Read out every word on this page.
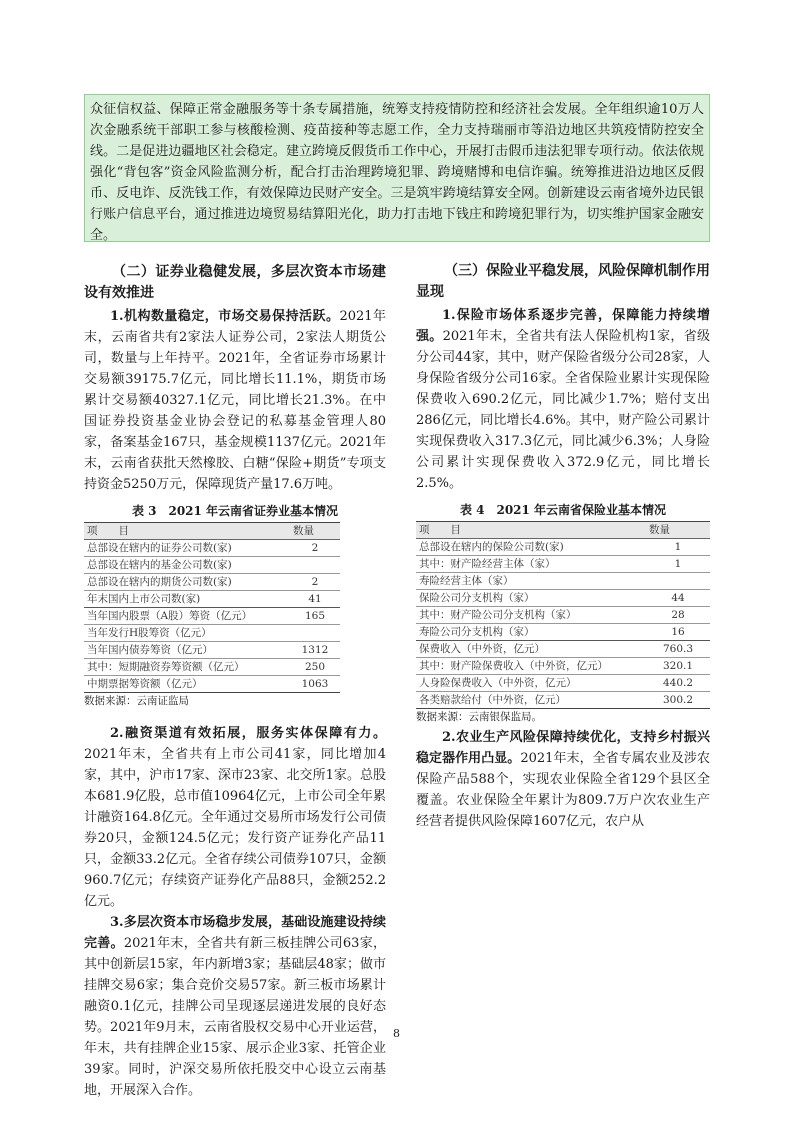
众征信权益、保障正常金融服务等十条专属措施，统筹支持疫情防控和经济社会发展。全年组织逾10万人次金融系统干部职工参与核酸检测、疫苗接种等志愿工作，全力支持瑞丽市等沿边地区共筑疫情防控安全线。二是促进边疆地区社会稳定。建立跨境反假货币工作中心，开展打击假币违法犯罪专项行动。依法依规强化“背包客”资金风险监测分析，配合打击治理跨境犯罪、跨境赌博和电信诈骗。统筹推进沿边地区反假币、反电诈、反洗钱工作，有效保障边民财产安全。三是筑牢跨境结算安全网。创新建设云南省境外边民银行账户信息平台，通过推进边境贸易结算阳光化，助力打击地下钱庄和跨境犯罪行为，切实维护国家金融安全。
（二）证券业稳健发展，多层次资本市场建设有效推进

1.机构数量稳定，市场交易保持活跃。2021年末，云南省共有2家法人证券公司，2家法人期货公司，数量与上年持平。2021年，全省证券市场累计交易额39175.7亿元，同比增长11.1%，期货市场累计交易额40327.1亿元，同比增长21.3%。在中国证券投资基金业协会登记的私募基金管理人80家，备案基金167只，基金规模1137亿元。2021年末，云南省获批天然橡胶、白糖“保险+期货”专项支持资金5250万元，保障现货产量17.6万吨。

表 3　2021 年云南省证券业基本情况
项　　目	数量
总部设在辖内的证券公司数(家)	2
总部设在辖内的基金公司数(家)	
总部设在辖内的期货公司数(家)	2
年末国内上市公司数(家)	41
当年国内股票（A股）筹资（亿元）	165
当年发行H股筹资（亿元）	
当年国内债券筹资（亿元）	1312
其中：短期融资券筹资额（亿元）	250
中期票据筹资额（亿元）	1063

数据来源：云南证监局

2.融资渠道有效拓展，服务实体保障有力。2021年末，全省共有上市公司41家，同比增加4家，其中，沪市17家、深市23家、北交所1家。总股本681.9亿股，总市值10964亿元，上市公司全年累计融资164.8亿元。全年通过交易所市场发行公司债券20只，金额124.5亿元；发行资产证券化产品11只，金额33.2亿元。全省存续公司债券107只，金额960.7亿元；存续资产证券化产品88只，金额252.2亿元。

3.多层次资本市场稳步发展，基础设施建设持续完善。2021年末，全省共有新三板挂牌公司63家，其中创新层15家，年内新增3家；基础层48家；做市挂牌交易6家；集合竞价交易57家。新三板市场累计融资0.1亿元，挂牌公司呈现逐层递进发展的良好态势。2021年9月末，云南省股权交易中心开业运营，年末，共有挂牌企业15家、展示企业3家、托管企业39家。同时，沪深交易所依托股交中心设立云南基地，开展深入合作。

（三）保险业平稳发展，风险保障机制作用显现

1.保险市场体系逐步完善，保障能力持续增强。2021年末，全省共有法人保险机构1家，省级分公司44家，其中，财产保险省级分公司28家，人身保险省级分公司16家。全省保险业累计实现保险保费收入690.2亿元，同比减少1.7%；赔付支出286亿元，同比增长4.6%。其中，财产险公司累计实现保费收入317.3亿元，同比减少6.3%；人身险公司累计实现保费收入372.9亿元，同比增长2.5%。

表 4　2021 年云南省保险业基本情况
项　　目	数量
总部设在辖内的保险公司数(家)	1
其中：财产险经营主体（家）	1
寿险经营主体（家）	
保险公司分支机构（家）	44
其中：财产险公司分支机构（家）	28
寿险公司分支机构（家）	16
保费收入（中外资，亿元）	760.3
其中：财产险保费收入（中外资，亿元）	320.1
人身险保费收入（中外资，亿元）	440.2
各类赔款给付（中外资，亿元）	300.2

数据来源：云南银保监局。

2.农业生产风险保障持续优化，支持乡村振兴稳定器作用凸显。2021年末，全省专属农业及涉农保险产品588个，实现农业保险全省129个县区全覆盖。农业保险全年累计为809.7万户次农业生产经营者提供风险保障1607亿元，农户从

8
